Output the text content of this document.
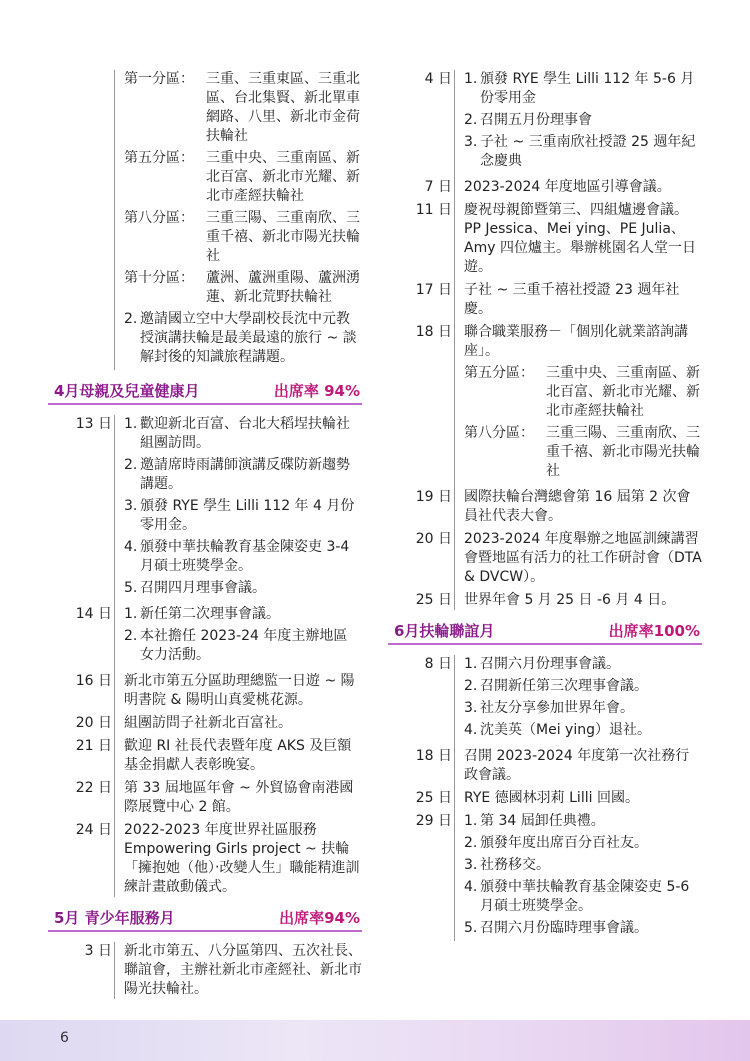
第一分區： 三重、三重東區、三重北區、台北集賢、新北單車網路、八里、新北市金荷扶輪社
第五分區： 三重中央、三重南區、新北百富、新北市光耀、新北市產經扶輪社
第八分區： 三重三陽、三重南欣、三重千禧、新北市陽光扶輪社
第十分區： 蘆洲、蘆洲重陽、蘆洲湧蓮、新北荒野扶輪社
2. 邀請國立空中大學副校長沈中元教授演講扶輪是最美最遠的旅行 ~ 談解封後的知識旅程講題。
4月母親及兒童健康月	出席率 94%
13 日 1. 歡迎新北百富、台北大稻埕扶輪社組團訪問。
2. 邀請席時雨講師演講反碟防新趨勢講題。
3. 頒發 RYE 學生 Lilli 112 年 4 月份零用金。
4. 頒發中華扶輪教育基金陳姿吏 3-4 月碩士班獎學金。
5. 召開四月理事會議。
14 日 1. 新任第二次理事會議。
2. 本社擔任 2023-24 年度主辦地區女力活動。
16 日 新北市第五分區助理總監一日遊 ~ 陽明書院 & 陽明山真愛桃花源。
20 日 組團訪問子社新北百富社。
21 日 歡迎 RI 社長代表暨年度 AKS 及巨額基金捐獻人表彰晚宴。
22 日 第 33 屆地區年會 ~ 外貿協會南港國際展覽中心 2 館。
24 日 2022-2023 年度世界社區服務 Empowering Girls project ~ 扶輪「擁抱她（他）‧改變人生」職能精進訓練計畫啟動儀式。
5月 青少年服務月	出席率94%
3 日 新北市第五、八分區第四、五次社長、聯誼會，主辦社新北市產經社、新北市陽光扶輪社。
4 日 1. 頒發 RYE 學生 Lilli 112 年 5-6 月份零用金
2. 召開五月份理事會
3. 子社 ~ 三重南欣社授證 25 週年紀念慶典
7 日 2023-2024 年度地區引導會議。
11 日 慶祝母親節暨第三、四組爐邊會議。PP Jessica、Mei ying、PE Julia、Amy 四位爐主。舉辦桃園名人堂一日遊。
17 日 子社 ~ 三重千禧社授證 23 週年社慶。
18 日 聯合職業服務－「個別化就業諮詢講座」。
第五分區： 三重中央、三重南區、新北百富、新北市光耀、新北市產經扶輪社
第八分區： 三重三陽、三重南欣、三重千禧、新北市陽光扶輪社
19 日 國際扶輪台灣總會第 16 屆第 2 次會員社代表大會。
20 日 2023-2024 年度舉辦之地區訓練講習會暨地區有活力的社工作研討會（DTA & DVCW）。
25 日 世界年會 5 月 25 日 -6 月 4 日。
6月扶輪聯誼月	出席率100%
8 日 1. 召開六月份理事會議。
2. 召開新任第三次理事會議。
3. 社友分享參加世界年會。
4. 沈美英（Mei ying）退社。
18 日 召開 2023-2024 年度第一次社務行政會議。
25 日 RYE 德國林羽莉 Lilli 回國。
29 日 1. 第 34 屆卸任典禮。
2. 頒發年度出席百分百社友。
3. 社務移交。
4. 頒發中華扶輪教育基金陳姿吏 5-6 月碩士班獎學金。
5. 召開六月份臨時理事會議。
6
